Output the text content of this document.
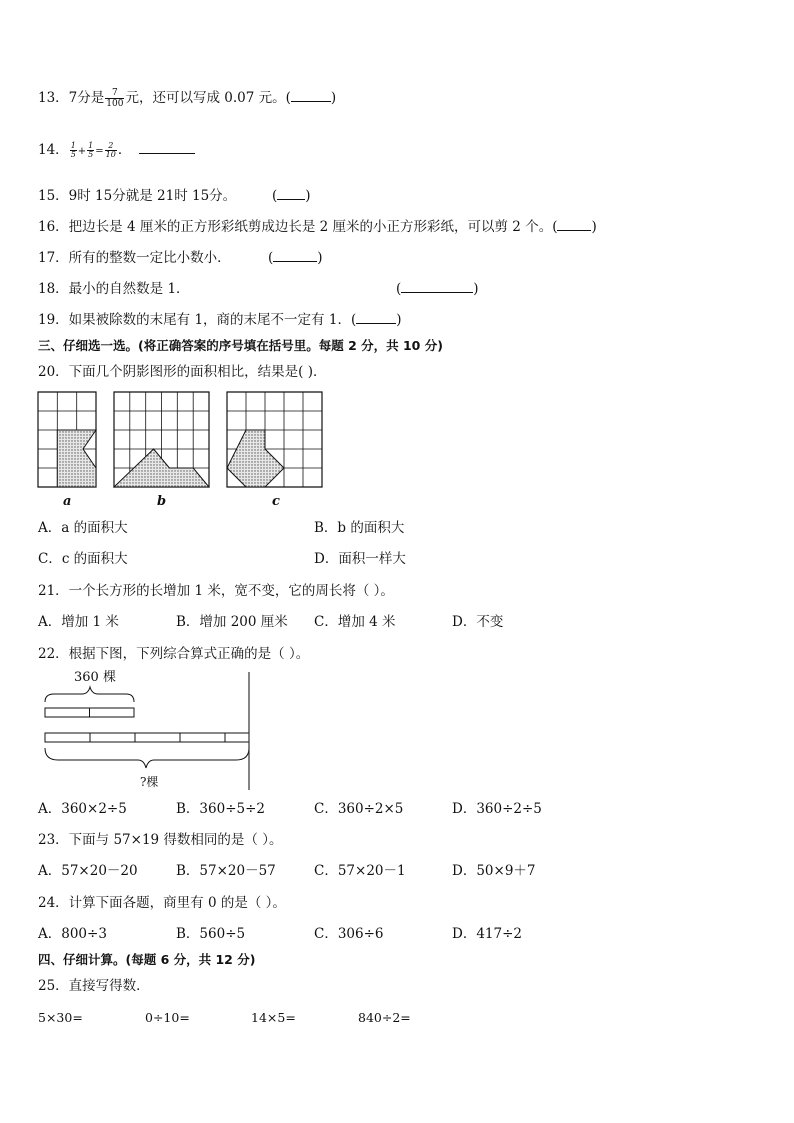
13．7分是 $\frac{7}{100}$ 元，还可以写成 0.07 元。(	)
14． $\frac{1}{5} + \frac{1}{5} = \frac{2}{10}$ ．
15．9时 15分就是 21时 15分。	( )
16．把边长是 4 厘米的正方形彩纸剪成边长是 2 厘米的小正方形彩纸，可以剪 2 个。(	)
17．所有的整数一定比小数小．	(	)
18．最小的自然数是 1．	(	)
19．如果被除数的末尾有 1，商的末尾不一定有 1．(	)
三、仔细选一选。(将正确答案的序号填在括号里。每题 2 分，共 10 分)
20．下面几个阴影图形的面积相比，结果是( )．
a	b	c
A．a 的面积大	B．b 的面积大
C．c 的面积大	D．面积一样大
21．一个长方形的长增加 1 米，宽不变，它的周长将（ ）。
A．增加 1 米	B．增加 200 厘米 C．增加 4 米	D．不变
22．根据下图，下列综合算式正确的是（ ）。
360 棵
?棵
A．360×2÷5	B．360÷5÷2	C．360÷2×5	D．360÷2÷5
23．下面与 57×19 得数相同的是（ ）。
A．57×20－20	B．57×20－57	C．57×20－1	D．50×9＋7
24．计算下面各题，商里有 0 的是（ ）。
A．800÷3	B．560÷5	C．306÷6	D．417÷2
四、仔细计算。(每题 6 分，共 12 分)
25．直接写得数．
5×30=	0÷10=	14×5=	840÷2=
